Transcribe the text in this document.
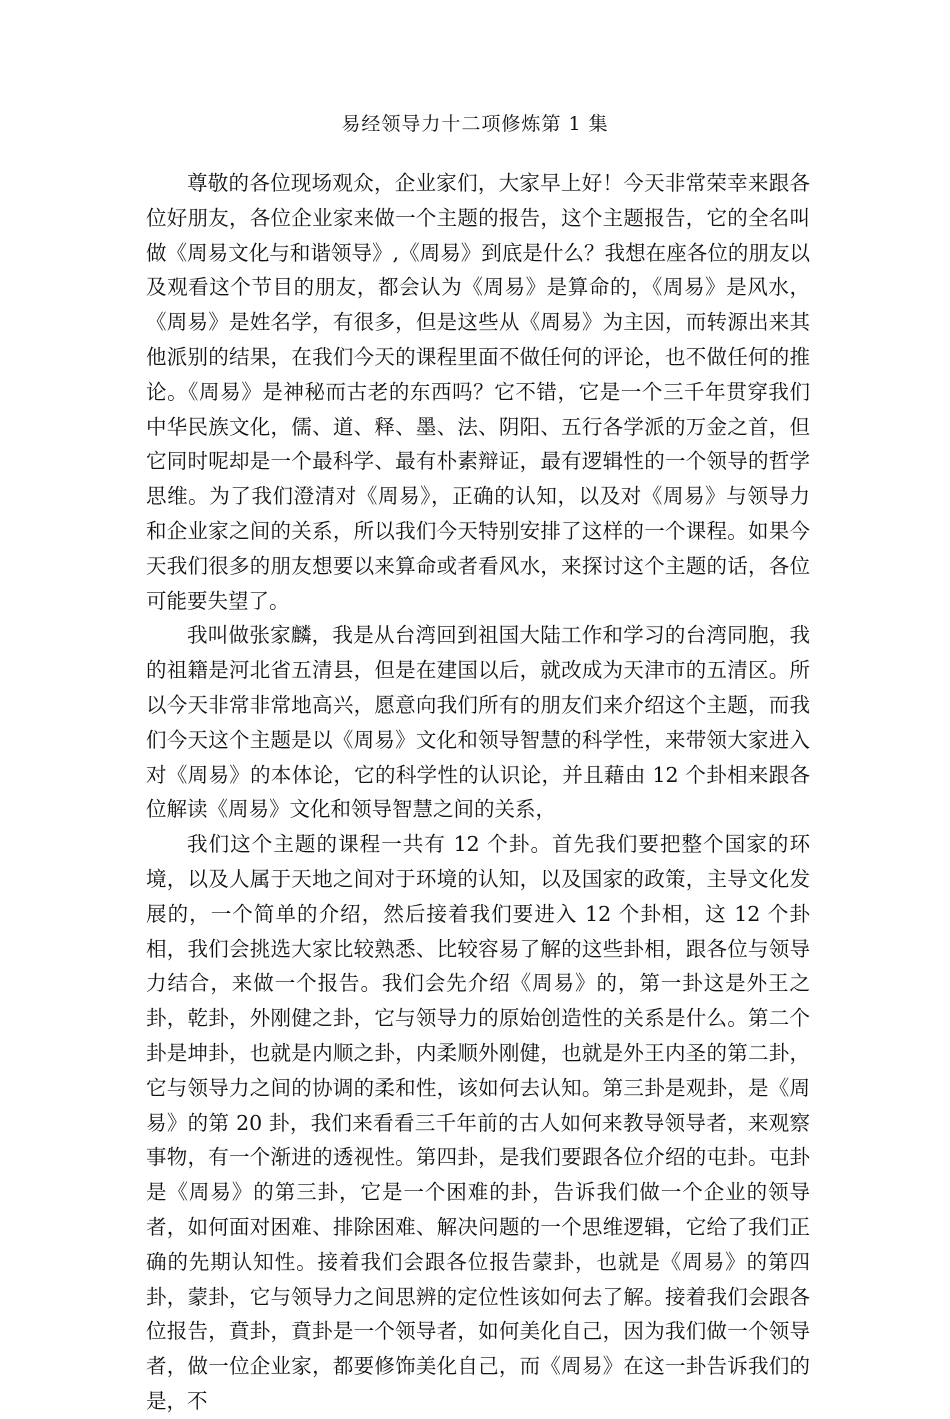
易经领导力十二项修炼第 1 集

尊敬的各位现场观众，企业家们，大家早上好！今天非常荣幸来跟各位好朋友，各位企业家来做一个主题的报告，这个主题报告，它的全名叫做《周易文化与和谐领导》,《周易》到底是什么？我想在座各位的朋友以及观看这个节目的朋友，都会认为《周易》是算命的，《周易》是风水，《周易》是姓名学，有很多，但是这些从《周易》为主因，而转源出来其他派别的结果，在我们今天的课程里面不做任何的评论，也不做任何的推论。《周易》是神秘而古老的东西吗？它不错，它是一个三千年贯穿我们中华民族文化，儒、道、释、墨、法、阴阳、五行各学派的万金之首，但它同时呢却是一个最科学、最有朴素辩证，最有逻辑性的一个领导的哲学思维。为了我们澄清对《周易》，正确的认知，以及对《周易》与领导力和企业家之间的关系，所以我们今天特别安排了这样的一个课程。如果今天我们很多的朋友想要以来算命或者看风水，来探讨这个主题的话，各位可能要失望了。

我叫做张家麟，我是从台湾回到祖国大陆工作和学习的台湾同胞，我的祖籍是河北省五清县，但是在建国以后，就改成为天津市的五清区。所以今天非常非常地高兴，愿意向我们所有的朋友们来介绍这个主题，而我们今天这个主题是以《周易》文化和领导智慧的科学性，来带领大家进入对《周易》的本体论，它的科学性的认识论，并且藉由 12 个卦相来跟各位解读《周易》文化和领导智慧之间的关系，

我们这个主题的课程一共有 12 个卦。首先我们要把整个国家的环境，以及人属于天地之间对于环境的认知，以及国家的政策，主导文化发展的，一个简单的介绍，然后接着我们要进入 12 个卦相，这 12 个卦相，我们会挑选大家比较熟悉、比较容易了解的这些卦相，跟各位与领导力结合，来做一个报告。我们会先介绍《周易》的，第一卦这是外王之卦，乾卦，外刚健之卦，它与领导力的原始创造性的关系是什么。第二个卦是坤卦，也就是内顺之卦，内柔顺外刚健，也就是外王内圣的第二卦，它与领导力之间的协调的柔和性，该如何去认知。第三卦是观卦，是《周易》的第 20 卦，我们来看看三千年前的古人如何来教导领导者，来观察事物，有一个渐进的透视性。第四卦，是我们要跟各位介绍的屯卦。屯卦是《周易》的第三卦，它是一个困难的卦，告诉我们做一个企业的领导者，如何面对困难、排除困难、解决问题的一个思维逻辑，它给了我们正确的先期认知性。接着我们会跟各位报告蒙卦，也就是《周易》的第四卦，蒙卦，它与领导力之间思辨的定位性该如何去了解。接着我们会跟各位报告，賁卦，賁卦是一个领导者，如何美化自己，因为我们做一个领导者，做一位企业家，都要修饰美化自己，而《周易》在这一卦告诉我们的是，不
